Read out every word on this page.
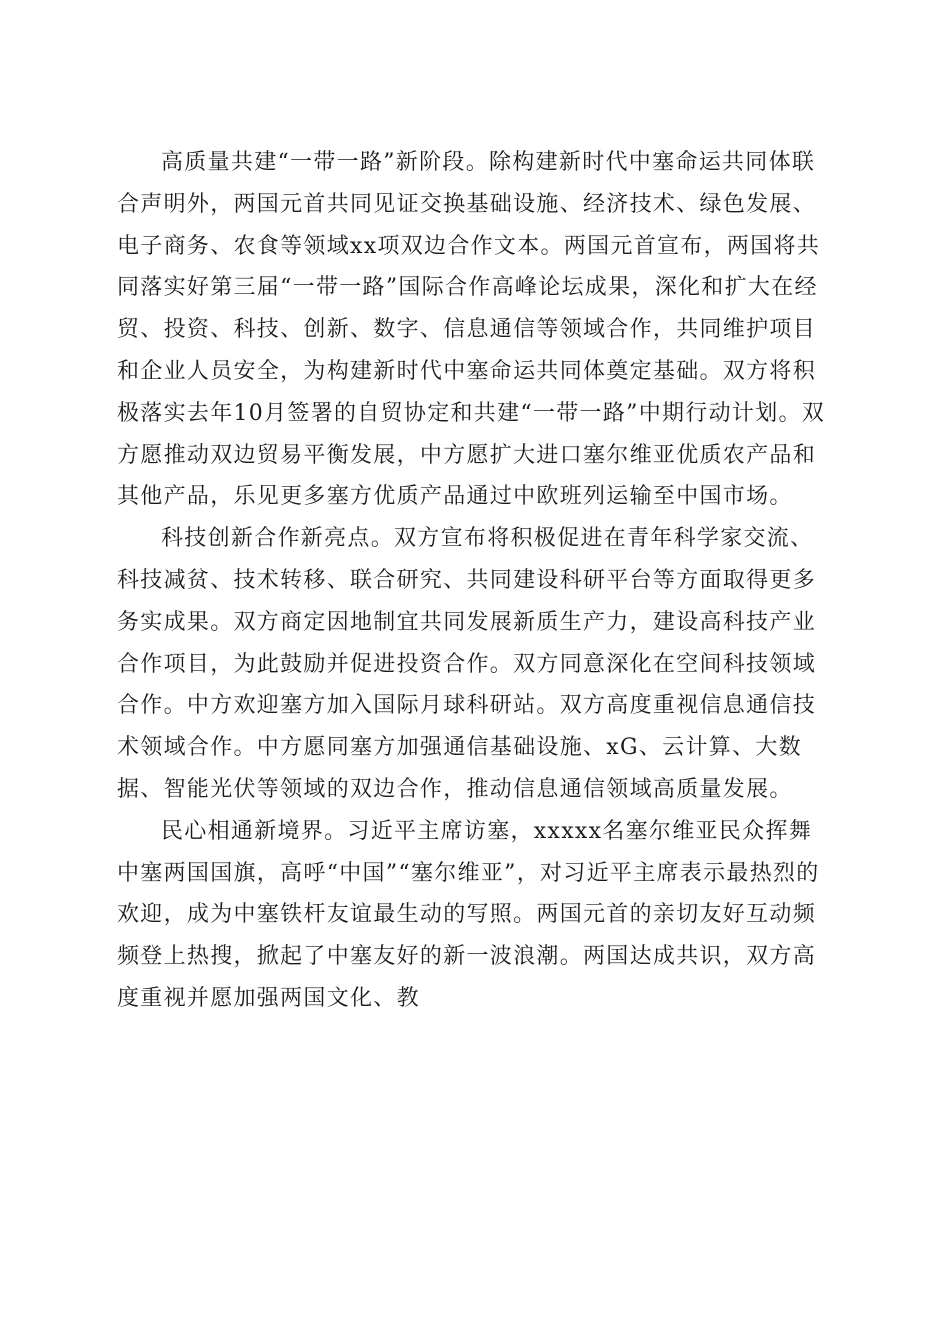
高质量共建“一带一路”新阶段。除构建新时代中塞命运共同体联合声明外，两国元首共同见证交换基础设施、经济技术、绿色发展、电子商务、农食等领域xx项双边合作文本。两国元首宣布，两国将共同落实好第三届“一带一路”国际合作高峰论坛成果，深化和扩大在经贸、投资、科技、创新、数字、信息通信等领域合作，共同维护项目和企业人员安全，为构建新时代中塞命运共同体奠定基础。双方将积极落实去年10月签署的自贸协定和共建“一带一路”中期行动计划。双方愿推动双边贸易平衡发展，中方愿扩大进口塞尔维亚优质农产品和其他产品，乐见更多塞方优质产品通过中欧班列运输至中国市场。

科技创新合作新亮点。双方宣布将积极促进在青年科学家交流、科技减贫、技术转移、联合研究、共同建设科研平台等方面取得更多务实成果。双方商定因地制宜共同发展新质生产力，建设高科技产业合作项目，为此鼓励并促进投资合作。双方同意深化在空间科技领域合作。中方欢迎塞方加入国际月球科研站。双方高度重视信息通信技术领域合作。中方愿同塞方加强通信基础设施、xG、云计算、大数据、智能光伏等领域的双边合作，推动信息通信领域高质量发展。

民心相通新境界。习近平主席访塞，xxxxx名塞尔维亚民众挥舞中塞两国国旗，高呼“中国”“塞尔维亚”，对习近平主席表示最热烈的欢迎，成为中塞铁杆友谊最生动的写照。两国元首的亲切友好互动频频登上热搜，掀起了中塞友好的新一波浪潮。两国达成共识，双方高度重视并愿加强两国文化、教
